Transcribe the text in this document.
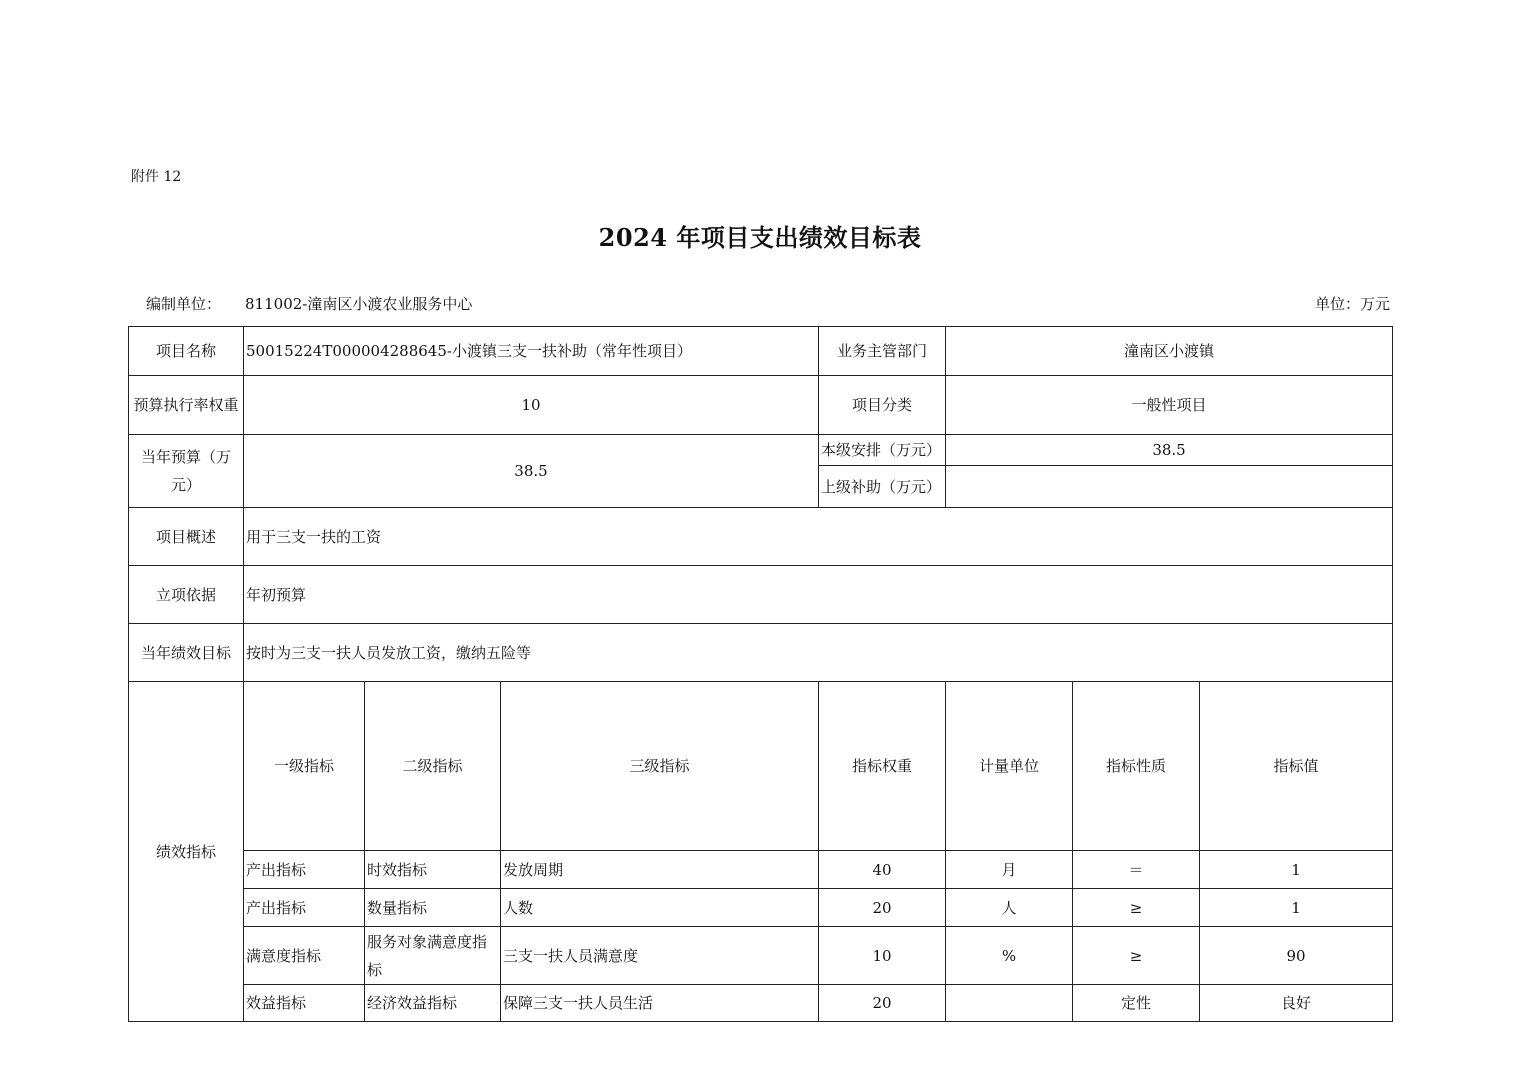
附件 12
2024 年项目支出绩效目标表
编制单位： 811002-潼南区小渡农业服务中心	单位：万元
项目名称	50015224T000004288645-小渡镇三支一扶补助（常年性项目）			业务主管部门	潼南区小渡镇			
预算执行率权重	10			项目分类	一般性项目			
当年预算（万元）	38.5			本级安排（万元）	38.5			
				上级补助（万元）				
项目概述	用于三支一扶的工资							
立项依据	年初预算							
当年绩效目标	按时为三支一扶人员发放工资，缴纳五险等							
绩效指标	一级指标	二级指标	三级指标	指标权重	计量单位	指标性质	指标值	
	产出指标	时效指标	发放周期	40	月	＝	1	
	产出指标	数量指标	人数	20	人	≥	1	
	满意度指标	服务对象满意度指标	三支一扶人员满意度	10	%	≥	90	
	效益指标	经济效益指标	保障三支一扶人员生活	20		定性	良好	
